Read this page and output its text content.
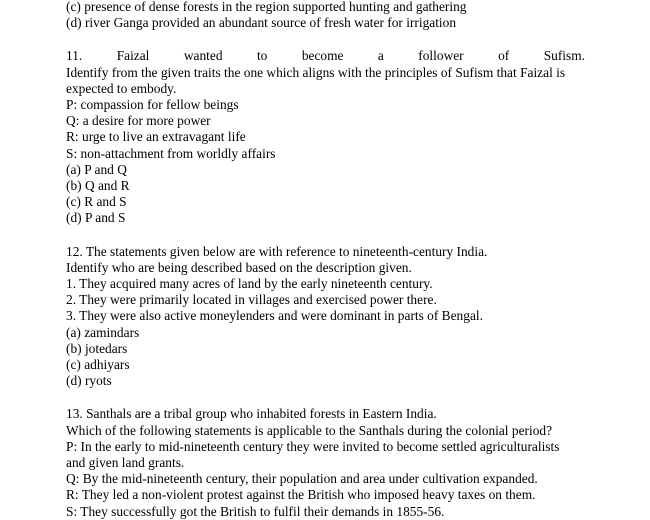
(c) presence of dense forests in the region supported hunting and gathering
(d) river Ganga provided an abundant source of fresh water for irrigation
11.	Faizal	wanted	to	become	a	follower	of	Sufism.
Identify from the given traits the one which aligns with the principles of Sufism that Faizal is
expected to embody.
P: compassion for fellow beings
Q: a desire for more power
R: urge to live an extravagant life
S: non-attachment from worldly affairs
(a) P and Q
(b) Q and R
(c) R and S
(d) P and S
12. The statements given below are with reference to nineteenth-century India.
Identify who are being described based on the description given.
1. They acquired many acres of land by the early nineteenth century.
2. They were primarily located in villages and exercised power there.
3. They were also active moneylenders and were dominant in parts of Bengal.
(a) zamindars
(b) jotedars
(c) adhiyars
(d) ryots
13. Santhals are a tribal group who inhabited forests in Eastern India.
Which of the following statements is applicable to the Santhals during the colonial period?
P: In the early to mid-nineteenth century they were invited to become settled agriculturalists
and given land grants.
Q: By the mid-nineteenth century, their population and area under cultivation expanded.
R: They led a non-violent protest against the British who imposed heavy taxes on them.
S: They successfully got the British to fulfil their demands in 1855-56.
